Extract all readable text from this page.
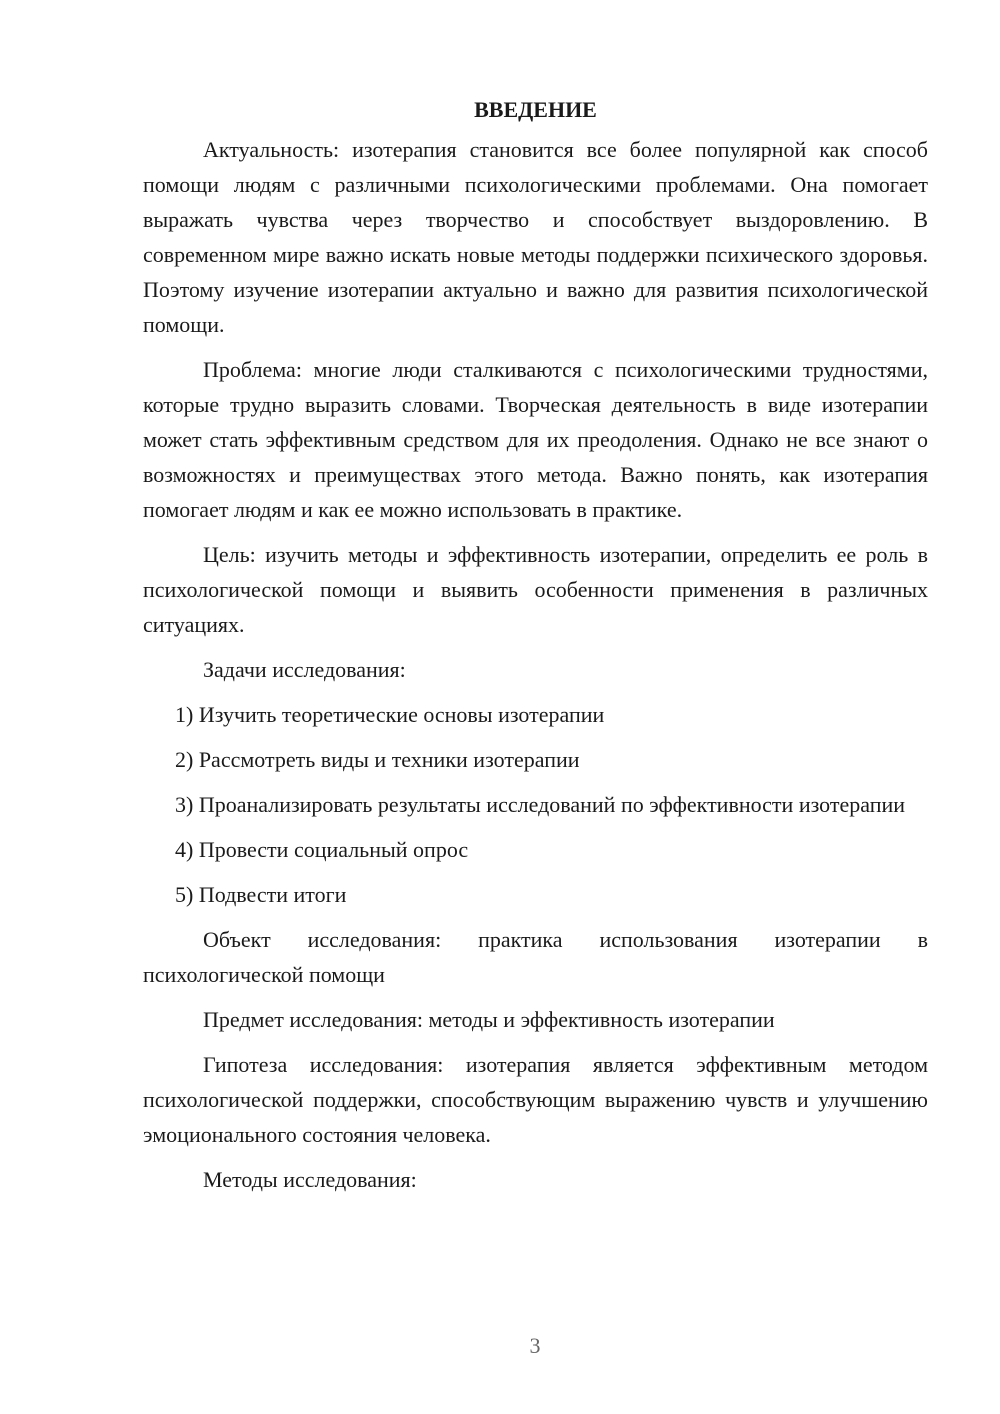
ВВЕДЕНИЕ

Актуальность: изотерапия становится все более популярной как способ помощи людям с различными психологическими проблемами. Она помогает выражать чувства через творчество и способствует выздоровлению. В современном мире важно искать новые методы поддержки психического здоровья. Поэтому изучение изотерапии актуально и важно для развития психологической помощи.

Проблема: многие люди сталкиваются с психологическими трудностями, которые трудно выразить словами. Творческая деятельность в виде изотерапии может стать эффективным средством для их преодоления. Однако не все знают о возможностях и преимуществах этого метода. Важно понять, как изотерапия помогает людям и как ее можно использовать в практике.

Цель: изучить методы и эффективность изотерапии, определить ее роль в психологической помощи и выявить особенности применения в различных ситуациях.

Задачи исследования:

1) Изучить теоретические основы изотерапии

2) Рассмотреть виды и техники изотерапии

3) Проанализировать результаты исследований по эффективности изотерапии

4) Провести социальный опрос

5) Подвести итоги

Объект исследования: практика использования изотерапии в психологической помощи

Предмет исследования: методы и эффективность изотерапии

Гипотеза исследования: изотерапия является эффективным методом психологической поддержки, способствующим выражению чувств и улучшению эмоционального состояния человека.

Методы исследования:

3
